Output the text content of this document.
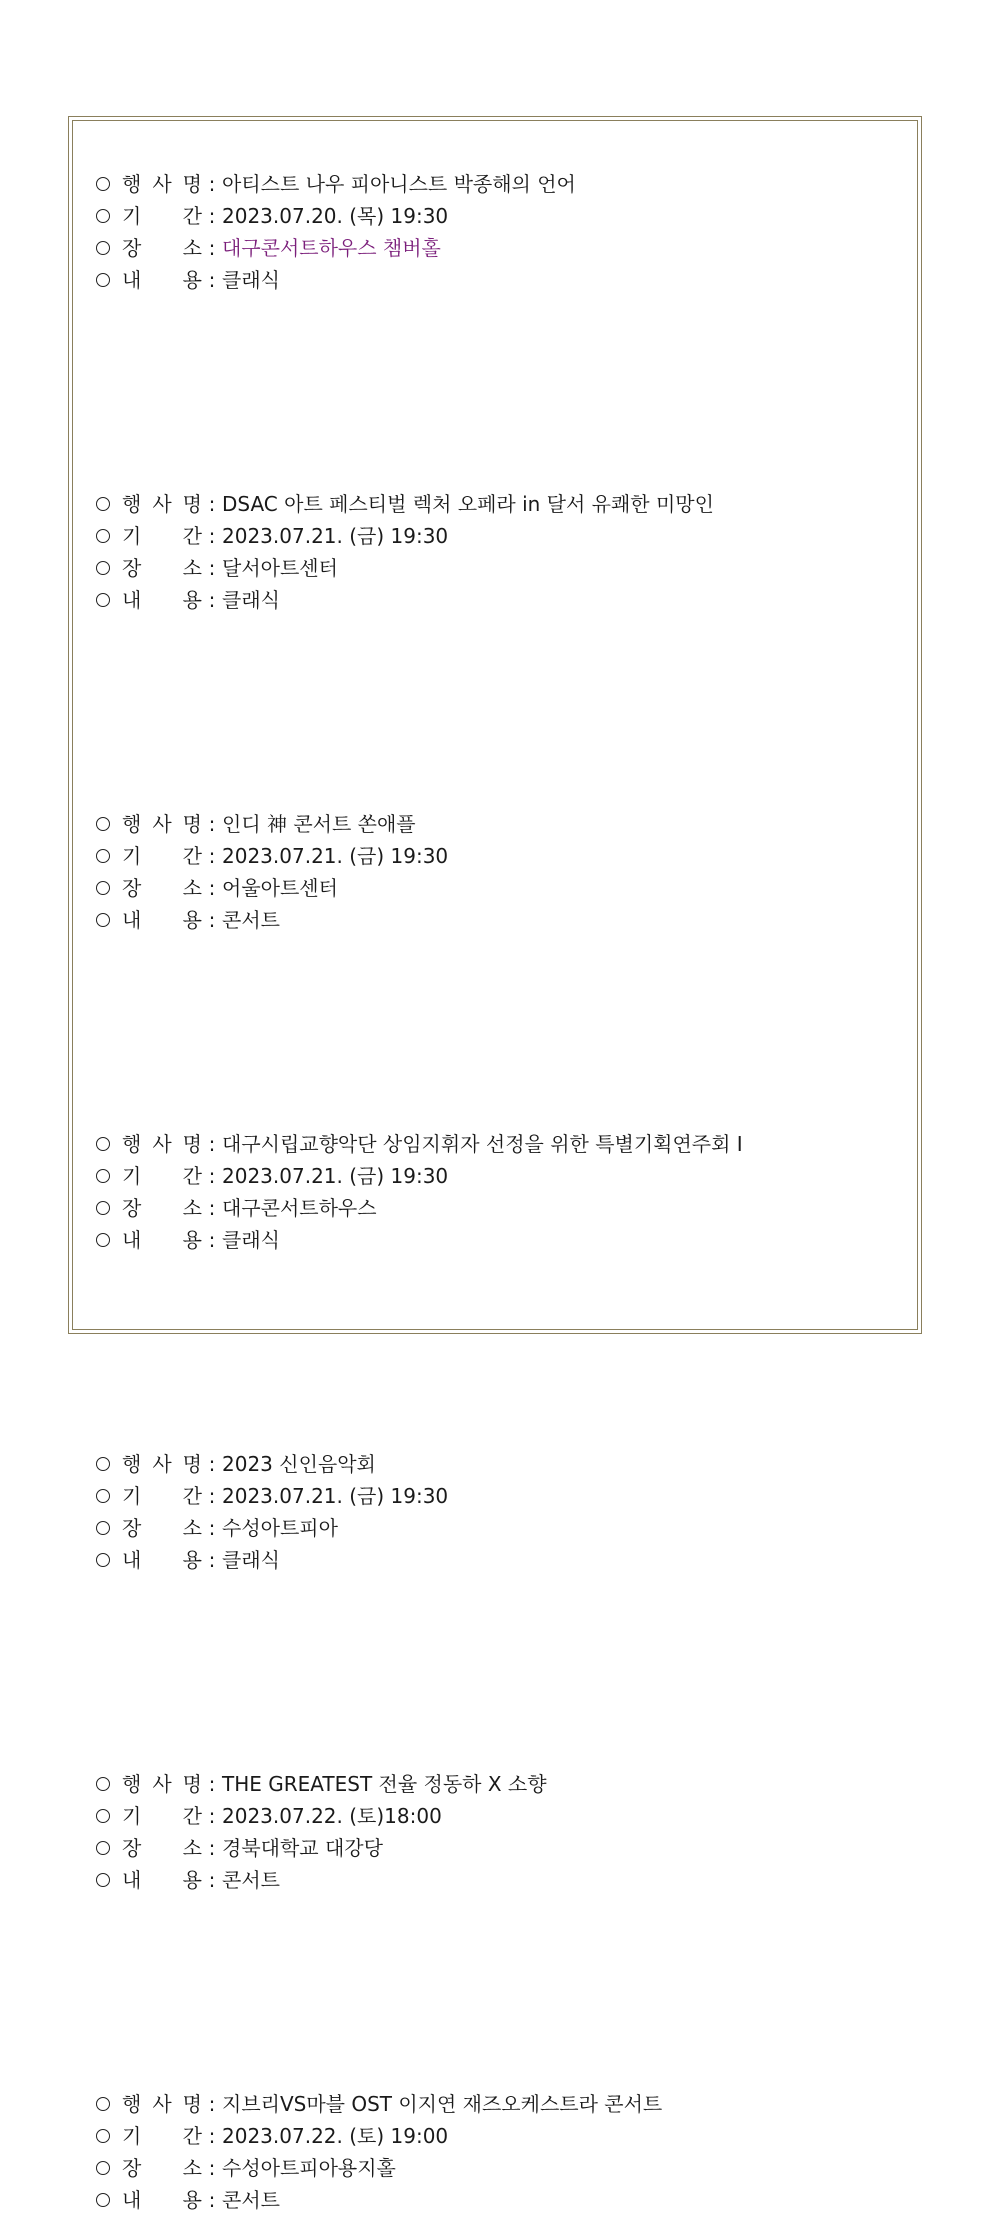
행 사 명 : 아티스트 나우 피아니스트 박종해의 언어
기 간 : 2023.07.20. (목) 19:30
장 소 : 대구콘서트하우스 챔버홀
내 용 : 클래식
행 사 명 : DSAC 아트 페스티벌 렉처 오페라 in 달서 유쾌한 미망인
기 간 : 2023.07.21. (금) 19:30
장 소 : 달서아트센터
내 용 : 클래식
행 사 명 : 인디 神 콘서트 쏜애플
기 간 : 2023.07.21. (금) 19:30
장 소 : 어울아트센터
내 용 : 콘서트
행 사 명 : 대구시립교향악단 상임지휘자 선정을 위한 특별기획연주회 Ⅰ
기 간 : 2023.07.21. (금) 19:30
장 소 : 대구콘서트하우스
내 용 : 클래식
행 사 명 : 2023 신인음악회
기 간 : 2023.07.21. (금) 19:30
장 소 : 수성아트피아
내 용 : 클래식
행 사 명 : THE GREATEST 전율 정동하 X 소향
기 간 : 2023.07.22. (토)18:00
장 소 : 경북대학교 대강당
내 용 : 콘서트
행 사 명 : 지브리VS마블 OST 이지연 재즈오케스트라 콘서트
기 간 : 2023.07.22. (토) 19:00
장 소 : 수성아트피아용지홀
내 용 : 콘서트
